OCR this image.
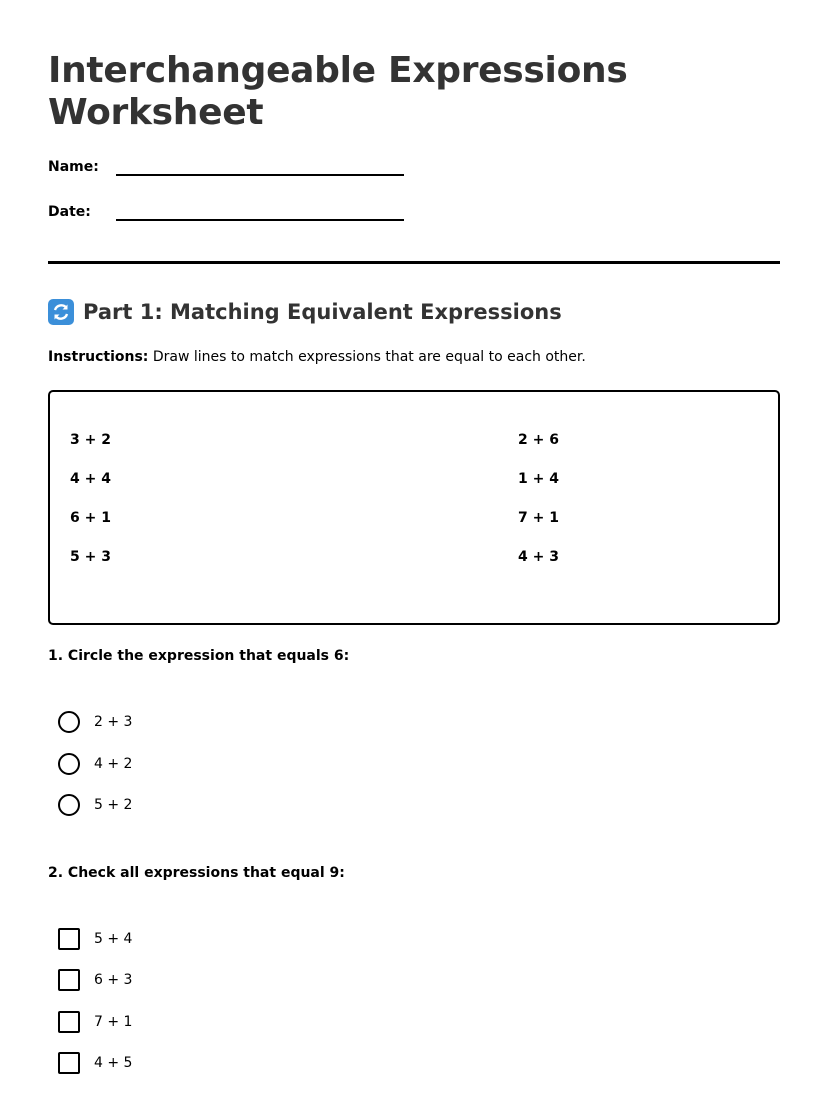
Interchangeable Expressions Worksheet
Name:
Date:
Part 1: Matching Equivalent Expressions
Instructions: Draw lines to match expressions that are equal to each other.
3 + 2
4 + 4
6 + 1
5 + 3
2 + 6
1 + 4
7 + 1
4 + 3
1. Circle the expression that equals 6:
2 + 3
4 + 2
5 + 2
2. Check all expressions that equal 9:
5 + 4
6 + 3
7 + 1
4 + 5
